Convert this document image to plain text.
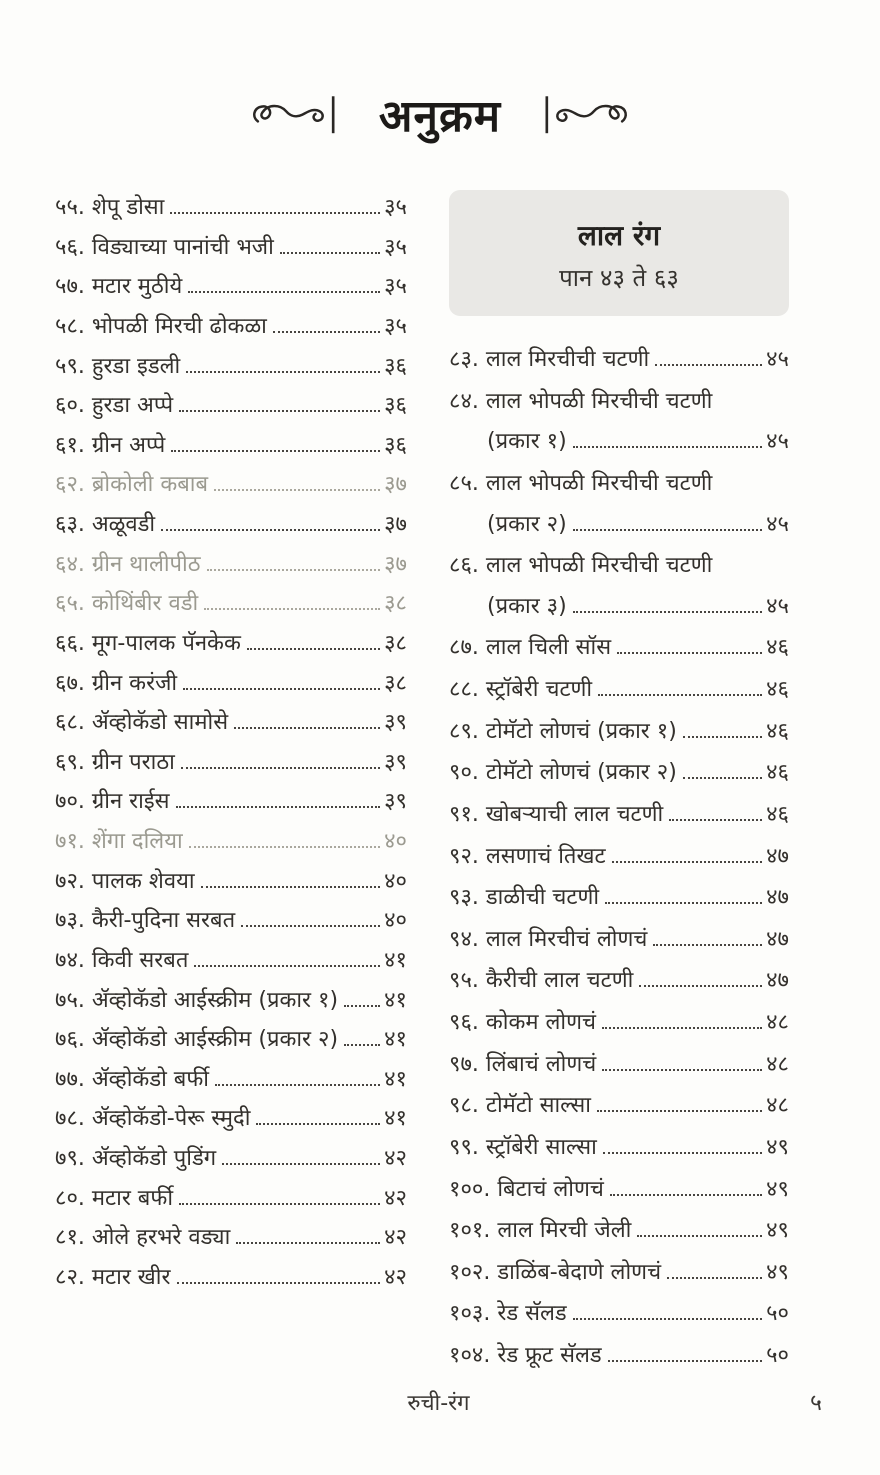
अनुक्रम
५५. शेपू डोसा	३५
५६. विड्याच्या पानांची भजी	३५
५७. मटार मुठीये	३५
५८. भोपळी मिरची ढोकळा	३५
५९. हुरडा इडली	३६
६०. हुरडा अप्पे	३६
६१. ग्रीन अप्पे	३६
६२. ब्रोकोली कबाब	३७
६३. अळूवडी	३७
६४. ग्रीन थालीपीठ	३७
६५. कोथिंबीर वडी	३८
६६. मूग-पालक पॅनकेक	३८
६७. ग्रीन करंजी	३८
६८. ॲव्होकॅडो सामोसे	३९
६९. ग्रीन पराठा	३९
७०. ग्रीन राईस	३९
७१. शेंगा दलिया	४०
७२. पालक शेवया	४०
७३. कैरी-पुदिना सरबत	४०
७४. किवी सरबत	४१
७५. ॲव्होकॅडो आईस्क्रीम (प्रकार १) ४१
७६. ॲव्होकॅडो आईस्क्रीम (प्रकार २) ४१
७७. ॲव्होकॅडो बर्फी	४१
७८. ॲव्होकॅडो-पेरू स्मुदी	४१
७९. ॲव्होकॅडो पुडिंग	४२
८०. मटार बर्फी	४२
८१. ओले हरभरे वड्या	४२
८२. मटार खीर	४२
लाल रंग
पान ४३ ते ६३
८३. लाल मिरचीची चटणी	४५
८४. लाल भोपळी मिरचीची चटणी
(प्रकार १)	४५
८५. लाल भोपळी मिरचीची चटणी
(प्रकार २)	४५
८६. लाल भोपळी मिरचीची चटणी
(प्रकार ३)	४५
८७. लाल चिली सॉस	४६
८८. स्ट्रॉबेरी चटणी	४६
८९. टोमॅटो लोणचं (प्रकार १)	४६
९०. टोमॅटो लोणचं (प्रकार २)	४६
९१. खोबऱ्याची लाल चटणी	४६
९२. लसणाचं तिखट	४७
९३. डाळीची चटणी	४७
९४. लाल मिरचीचं लोणचं	४७
९५. कैरीची लाल चटणी	४७
९६. कोकम लोणचं	४८
९७. लिंबाचं लोणचं	४८
९८. टोमॅटो साल्सा	४८
९९. स्ट्रॉबेरी साल्सा	४९
१००. बिटाचं लोणचं	४९
१०१. लाल मिरची जेली	४९
१०२. डाळिंब-बेदाणे लोणचं	४९
१०३. रेड सॅलड	५०
१०४. रेड फ्रूट सॅलड	५०
रुची-रंग	५
